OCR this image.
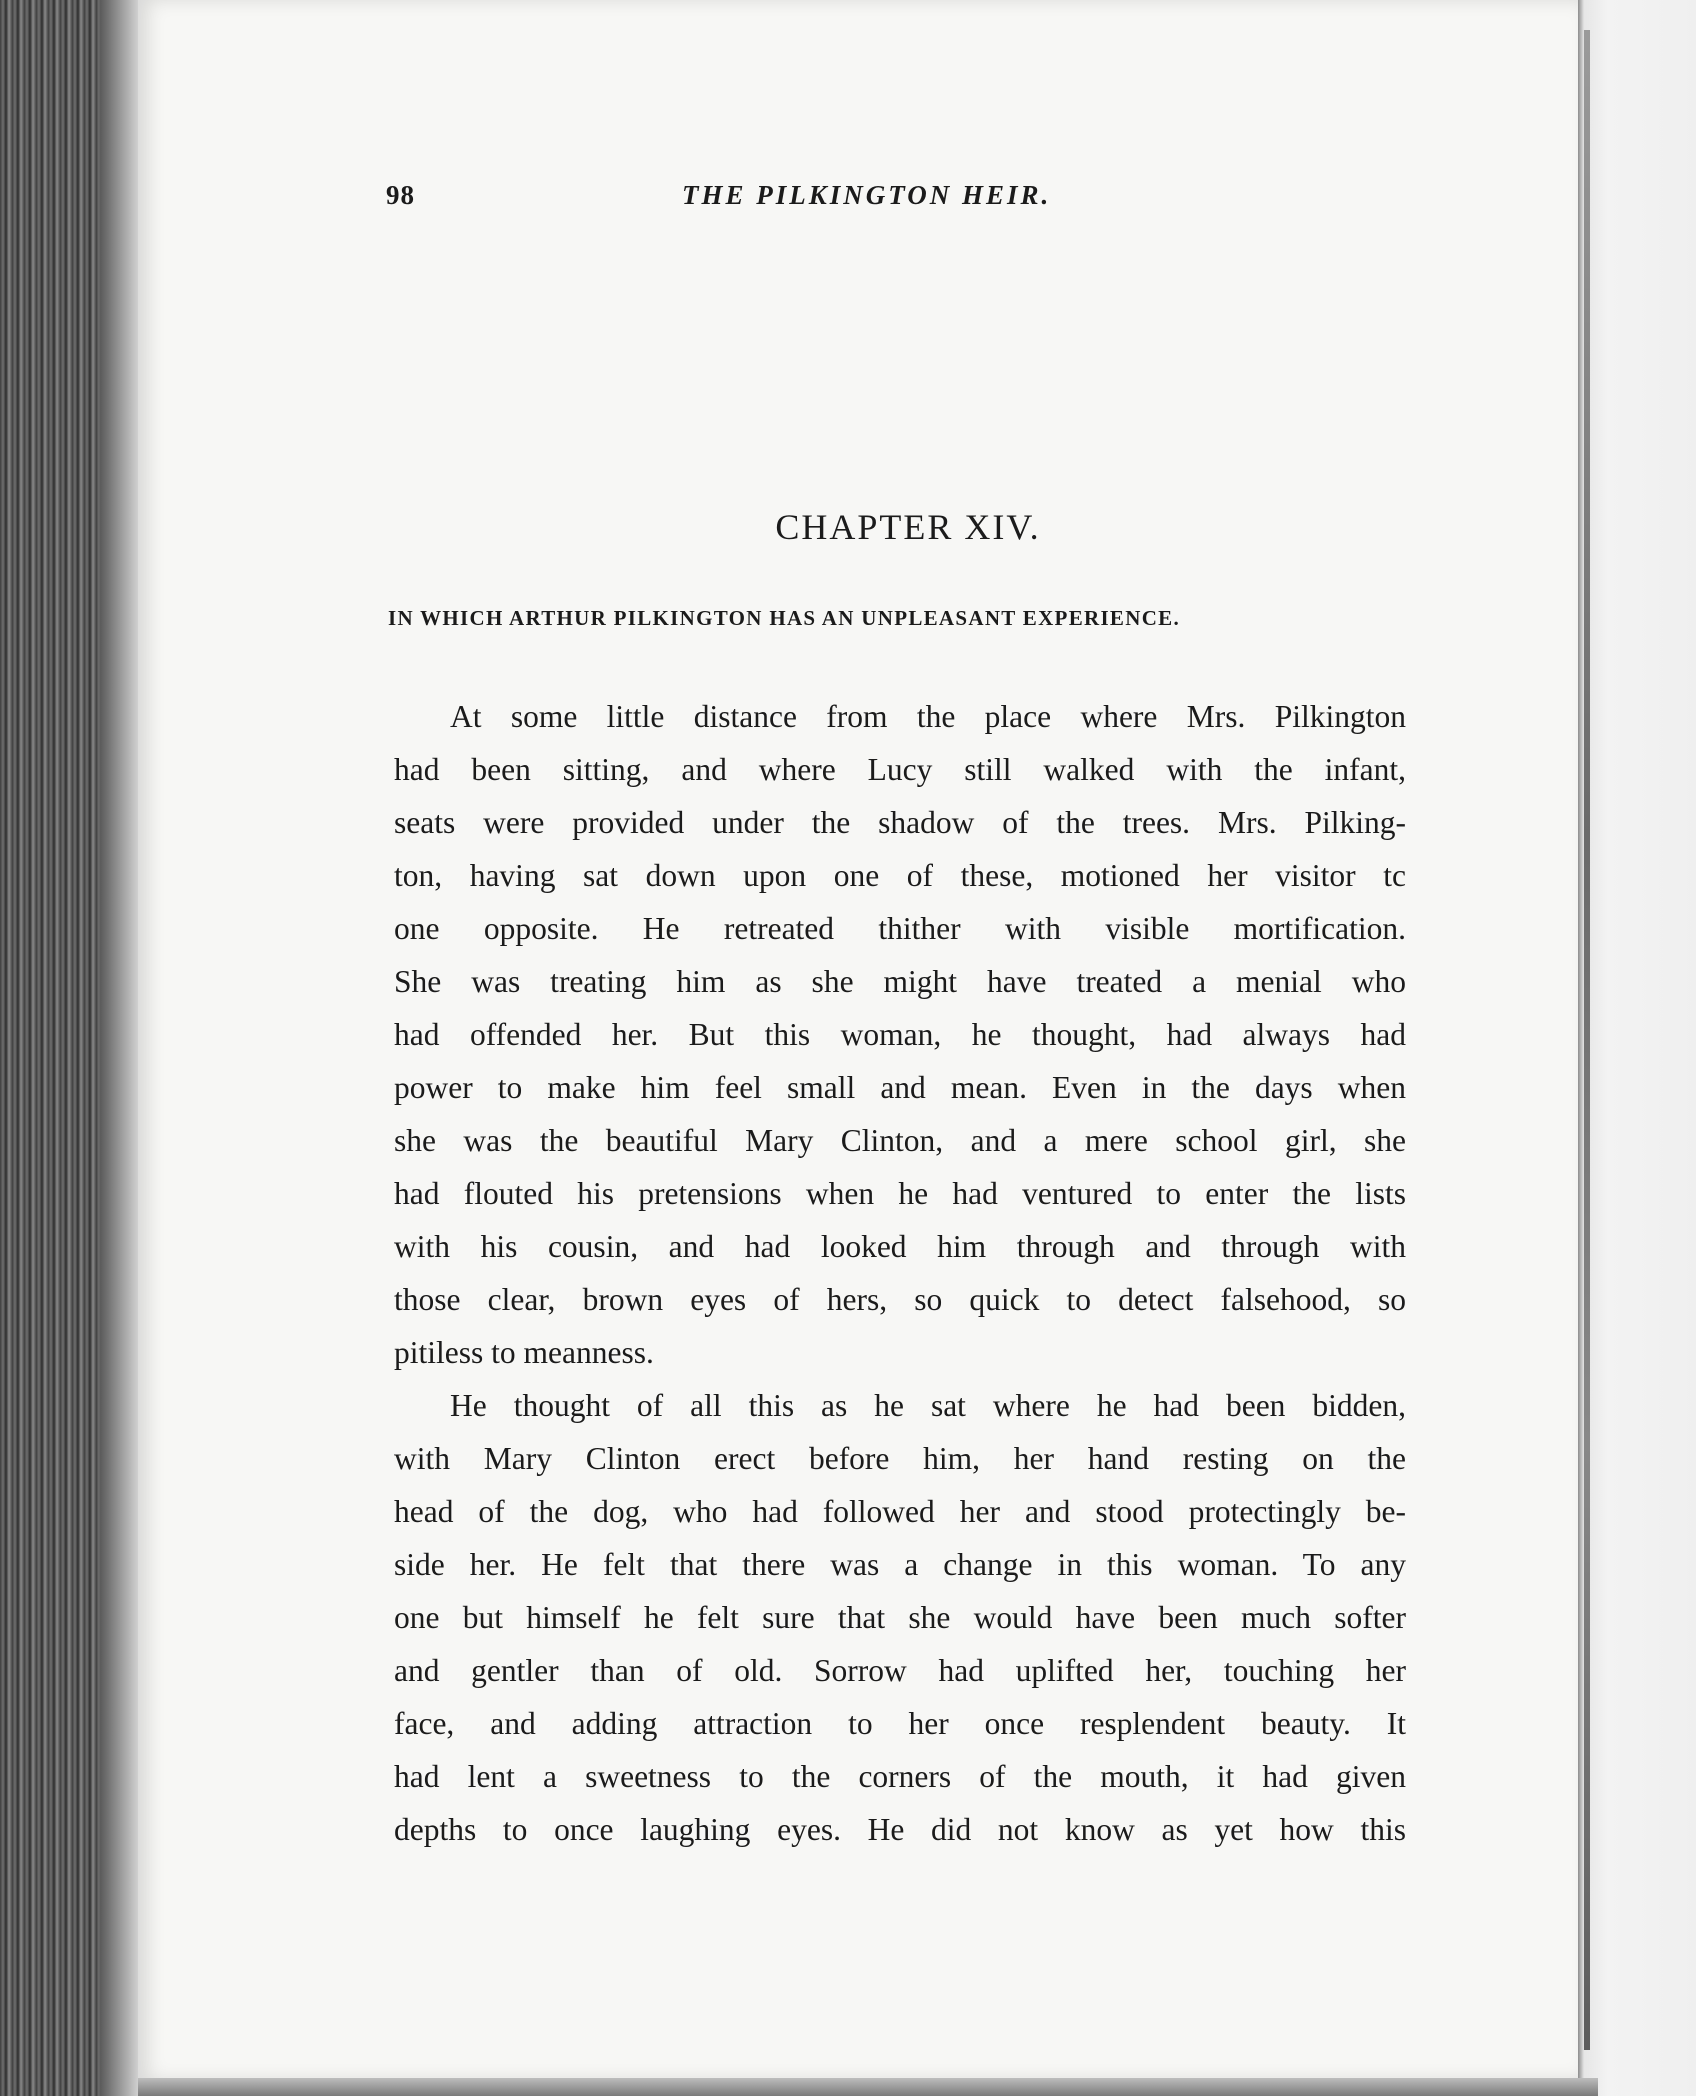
98	THE PILKINGTON HEIR.
CHAPTER XIV.
IN WHICH ARTHUR PILKINGTON HAS AN UNPLEASANT EXPERIENCE.
At some little distance from the place where Mrs. Pilkington
had been sitting, and where Lucy still walked with the infant,
seats were provided under the shadow of the trees. Mrs. Pilking-
ton, having sat down upon one of these, motioned her visitor tc
one opposite. He retreated thither with visible mortification.
She was treating him as she might have treated a menial who
had offended her. But this woman, he thought, had always had
power to make him feel small and mean. Even in the days when
she was the beautiful Mary Clinton, and a mere school girl, she
had flouted his pretensions when he had ventured to enter the lists
with his cousin, and had looked him through and through with
those clear, brown eyes of hers, so quick to detect falsehood, so
pitiless to meanness.
He thought of all this as he sat where he had been bidden,
with Mary Clinton erect before him, her hand resting on the
head of the dog, who had followed her and stood protectingly be-
side her. He felt that there was a change in this woman. To any
one but himself he felt sure that she would have been much softer
and gentler than of old. Sorrow had uplifted her, touching her
face, and adding attraction to her once resplendent beauty. It
had lent a sweetness to the corners of the mouth, it had given
depths to once laughing eyes. He did not know as yet how this
